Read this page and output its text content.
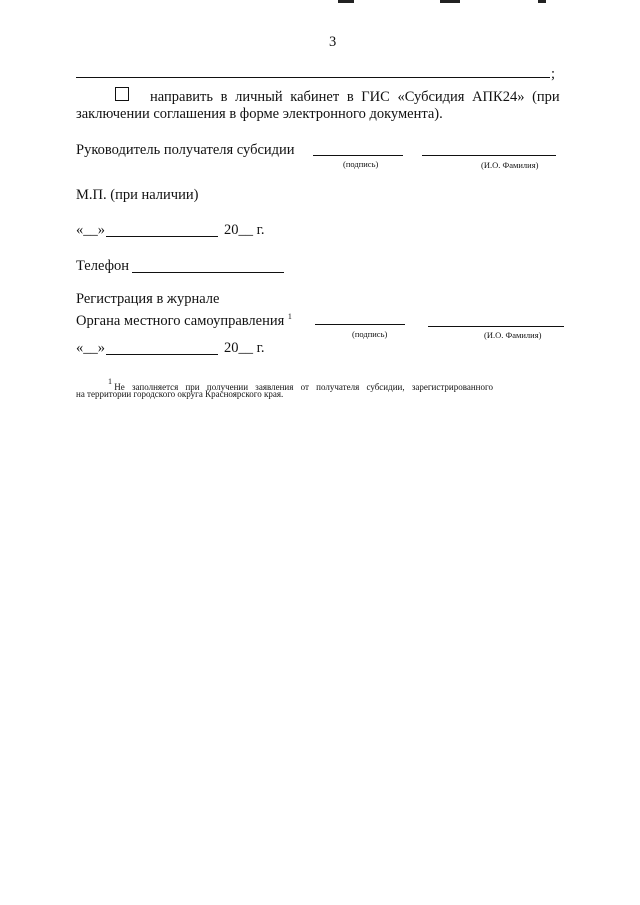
3
;
направить в личный кабинет в ГИС «Субсидия АПК24» (при
заключении соглашения в форме электронного документа).
Руководитель получателя субсидии
(подпись)	(И.О. Фамилия)
М.П. (при наличии)
«__»	20__ г.
Телефон
Регистрация в журнале
Органа местного самоуправления $^1$
(подпись)	(И.О. Фамилия)
«__»	20__ г.
$^1$ Не заполняется при получении заявления от получателя субсидии, зарегистрированного
на территории городского округа Красноярского края.
